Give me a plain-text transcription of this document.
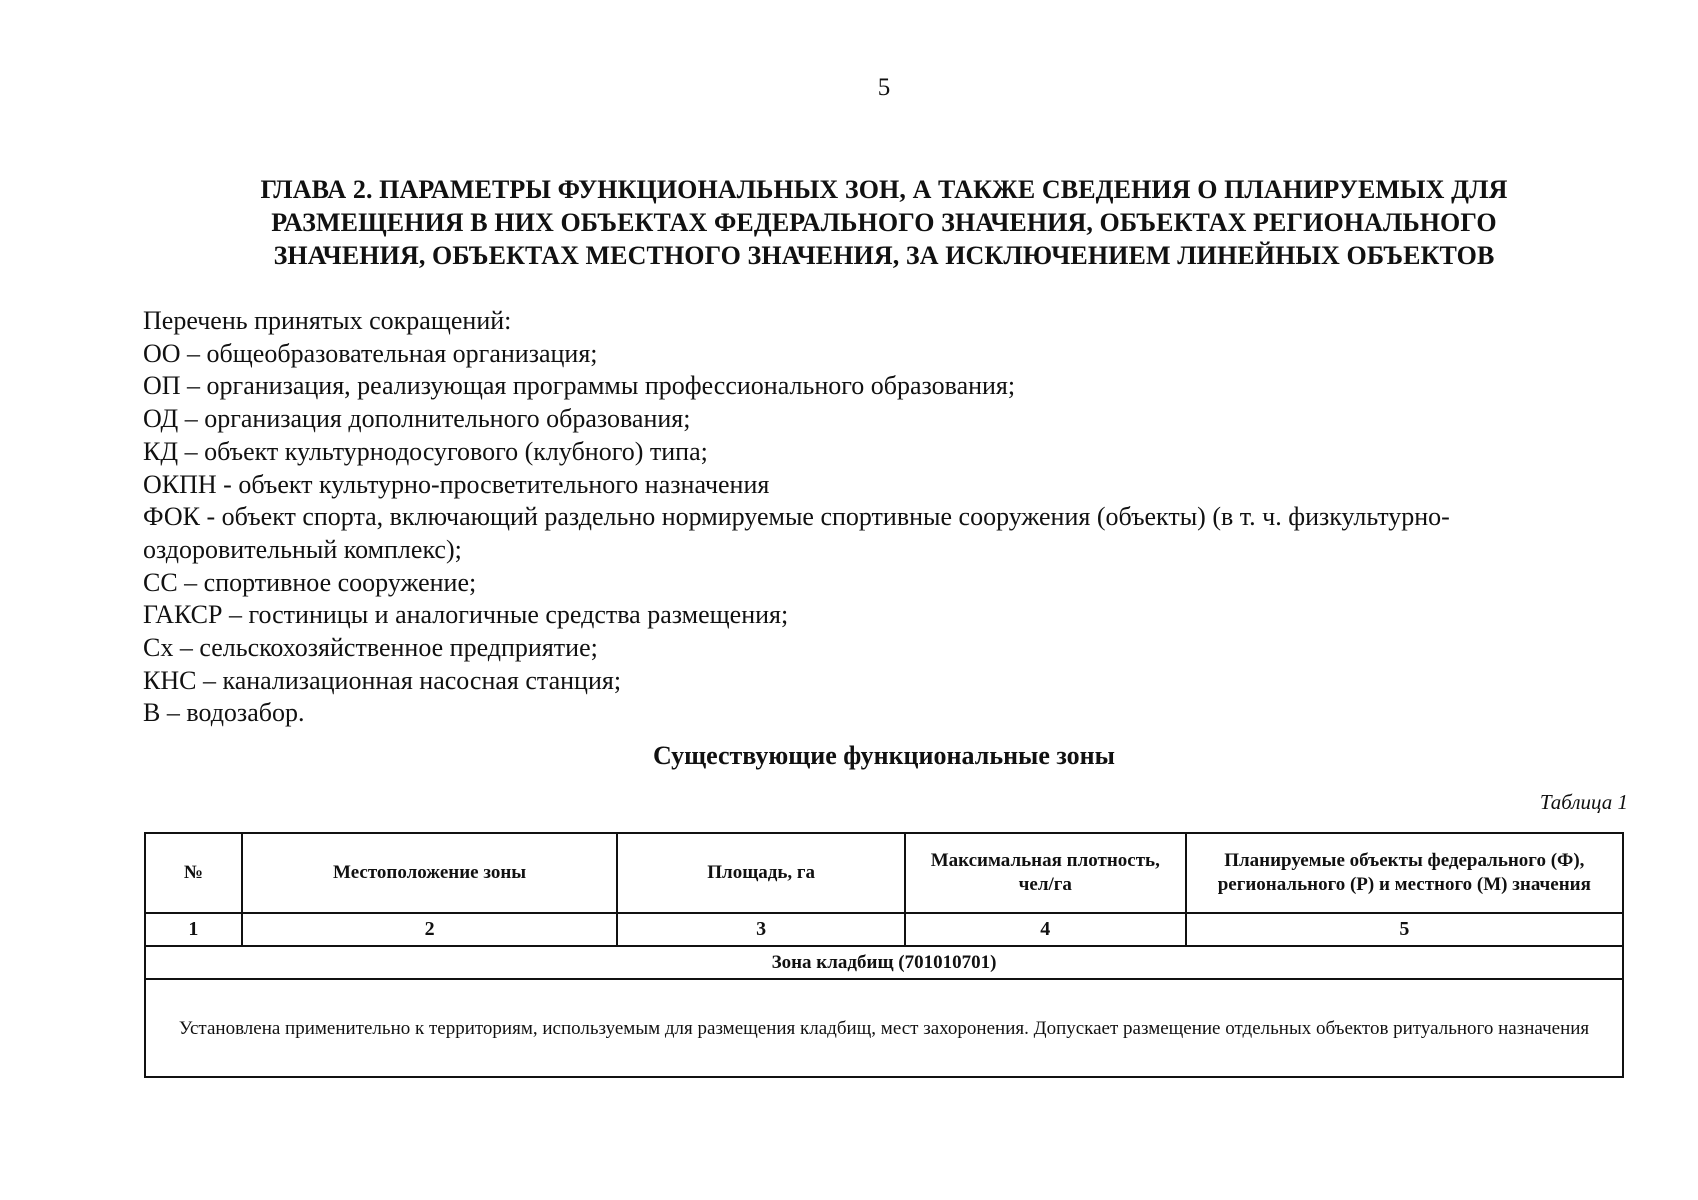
5
ГЛАВА 2. ПАРАМЕТРЫ ФУНКЦИОНАЛЬНЫХ ЗОН, А ТАКЖЕ СВЕДЕНИЯ О ПЛАНИРУЕМЫХ ДЛЯ
РАЗМЕЩЕНИЯ В НИХ ОБЪЕКТАХ ФЕДЕРАЛЬНОГО ЗНАЧЕНИЯ, ОБЪЕКТАХ РЕГИОНАЛЬНОГО
ЗНАЧЕНИЯ, ОБЪЕКТАХ МЕСТНОГО ЗНАЧЕНИЯ, ЗА ИСКЛЮЧЕНИЕМ ЛИНЕЙНЫХ ОБЪЕКТОВ
Перечень принятых сокращений:
ОО – общеобразовательная организация;
ОП – организация, реализующая программы профессионального образования;
ОД – организация дополнительного образования;
КД – объект культурнодосугового (клубного) типа;
ОКПН - объект культурно-просветительного назначения
ФОК - объект спорта, включающий раздельно нормируемые спортивные сооружения (объекты) (в т. ч. физкультурно-
оздоровительный комплекс);
СС – спортивное сооружение;
ГАКСР – гостиницы и аналогичные средства размещения;
Сх – сельскохозяйственное предприятие;
КНС – канализационная насосная станция;
В – водозабор.
Существующие функциональные зоны
Таблица 1
№	Местоположение зоны	Площадь, га	Максимальная плотность, чел/га	Планируемые объекты федерального (Ф), регионального (Р) и местного (М) значения
1	2	3	4	5
Зона кладбищ (701010701)				
Установлена применительно к территориям, используемым для размещения кладбищ, мест захоронения. Допускает размещение отдельных объектов ритуального назначения				
